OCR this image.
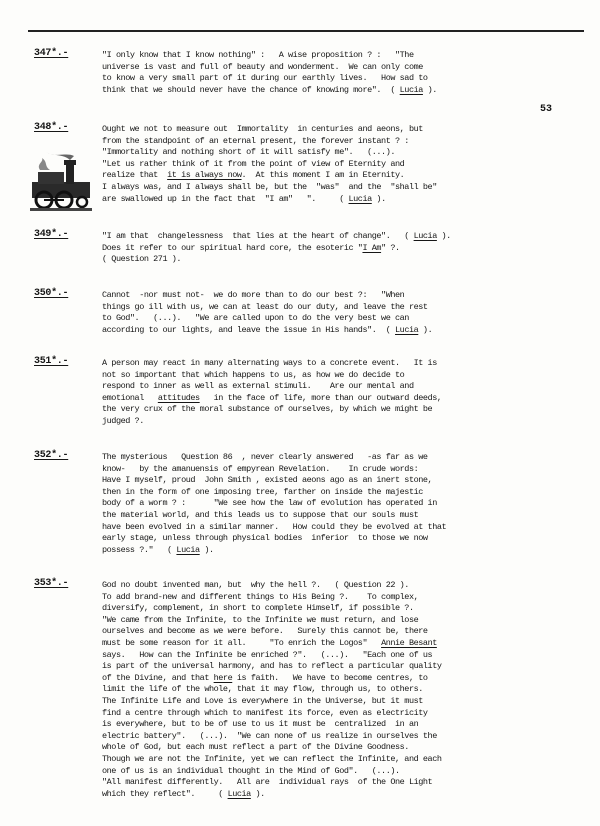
53
347*.-	"I only know that I know nothing" :   A wise proposition ? :   "The
universe is vast and full of beauty and wonderment.  We can only come
to know a very small part of it during our earthly lives.   How sad to
think that we should never have the chance of knowing more".  ( Lucia ).
348*.-	Ought we not to measure out  Immortality  in centuries and aeons, but
from the standpoint of an eternal present, the forever instant ? :
"Immortality and nothing short of it will satisfy me".   (...).
"Let us rather think of it from the point of view of Eternity and
realize that  it is always now.  At this moment I am in Eternity.
I always was, and I always shall be, but the  "was"  and the  "shall be"
are swallowed up in the fact that  "I am"   ".     ( Lucia ).
349*.-	"I am that  changelessness  that lies at the heart of change".   ( Lucia ).
Does it refer to our spiritual hard core, the esoteric "I Am" ?.
( Question 271 ).
350*.-	Cannot  -nor must not-  we do more than to do our best ?:   "When
things go ill with us, we can at least do our duty, and leave the rest
to God".   (...).   "We are called upon to do the very best we can
according to our lights, and leave the issue in His hands".  ( Lucia ).
351*.-	A person may react in many alternating ways to a concrete event.   It is
not so important that which happens to us, as how we do decide to
respond to inner as well as external stimuli.    Are our mental and
emotional   attitudes   in the face of life, more than our outward deeds,
the very crux of the moral substance of ourselves, by which we might be
judged ?.
352*.-	The mysterious   Question 86  , never clearly answered   -as far as we
know-   by the amanuensis of empyrean Revelation.    In crude words:
Have I myself, proud  John Smith , existed aeons ago as an inert stone,
then in the form of one imposing tree, farther on inside the majestic
body of a worm ? :      "We see how the law of evolution has operated in
the material world, and this leads us to suppose that our souls must
have been evolved in a similar manner.   How could they be evolved at that
early stage, unless through physical bodies  inferior  to those we now
possess ?."   ( Lucia ).
353*.-	God no doubt invented man, but  why the hell ?.   ( Question 22 ).
To add brand-new and different things to His Being ?.    To complex,
diversify, complement, in short to complete Himself, if possible ?.
"We came from the Infinite, to the Infinite we must return, and lose
ourselves and become as we were before.   Surely this cannot be, there
must be some reason for it all.     "To enrich the Logos"   Annie Besant
says.   How can the Infinite be enriched ?".   (...).   "Each one of us
is part of the universal harmony, and has to reflect a particular quality
of the Divine, and that here is faith.   We have to become centres, to
limit the life of the whole, that it may flow, through us, to others.
The Infinite Life and Love is everywhere in the Universe, but it must
find a centre through which to manifest its force, even as electricity
is everywhere, but to be of use to us it must be  centralized  in an
electric battery".   (...).  "We can none of us realize in ourselves the
whole of God, but each must reflect a part of the Divine Goodness.
Though we are not the Infinite, yet we can reflect the Infinite, and each
one of us is an individual thought in the Mind of God".   (...).
"All manifest differently.   All are  individual rays  of the One Light
which they reflect".     ( Lucia ).
